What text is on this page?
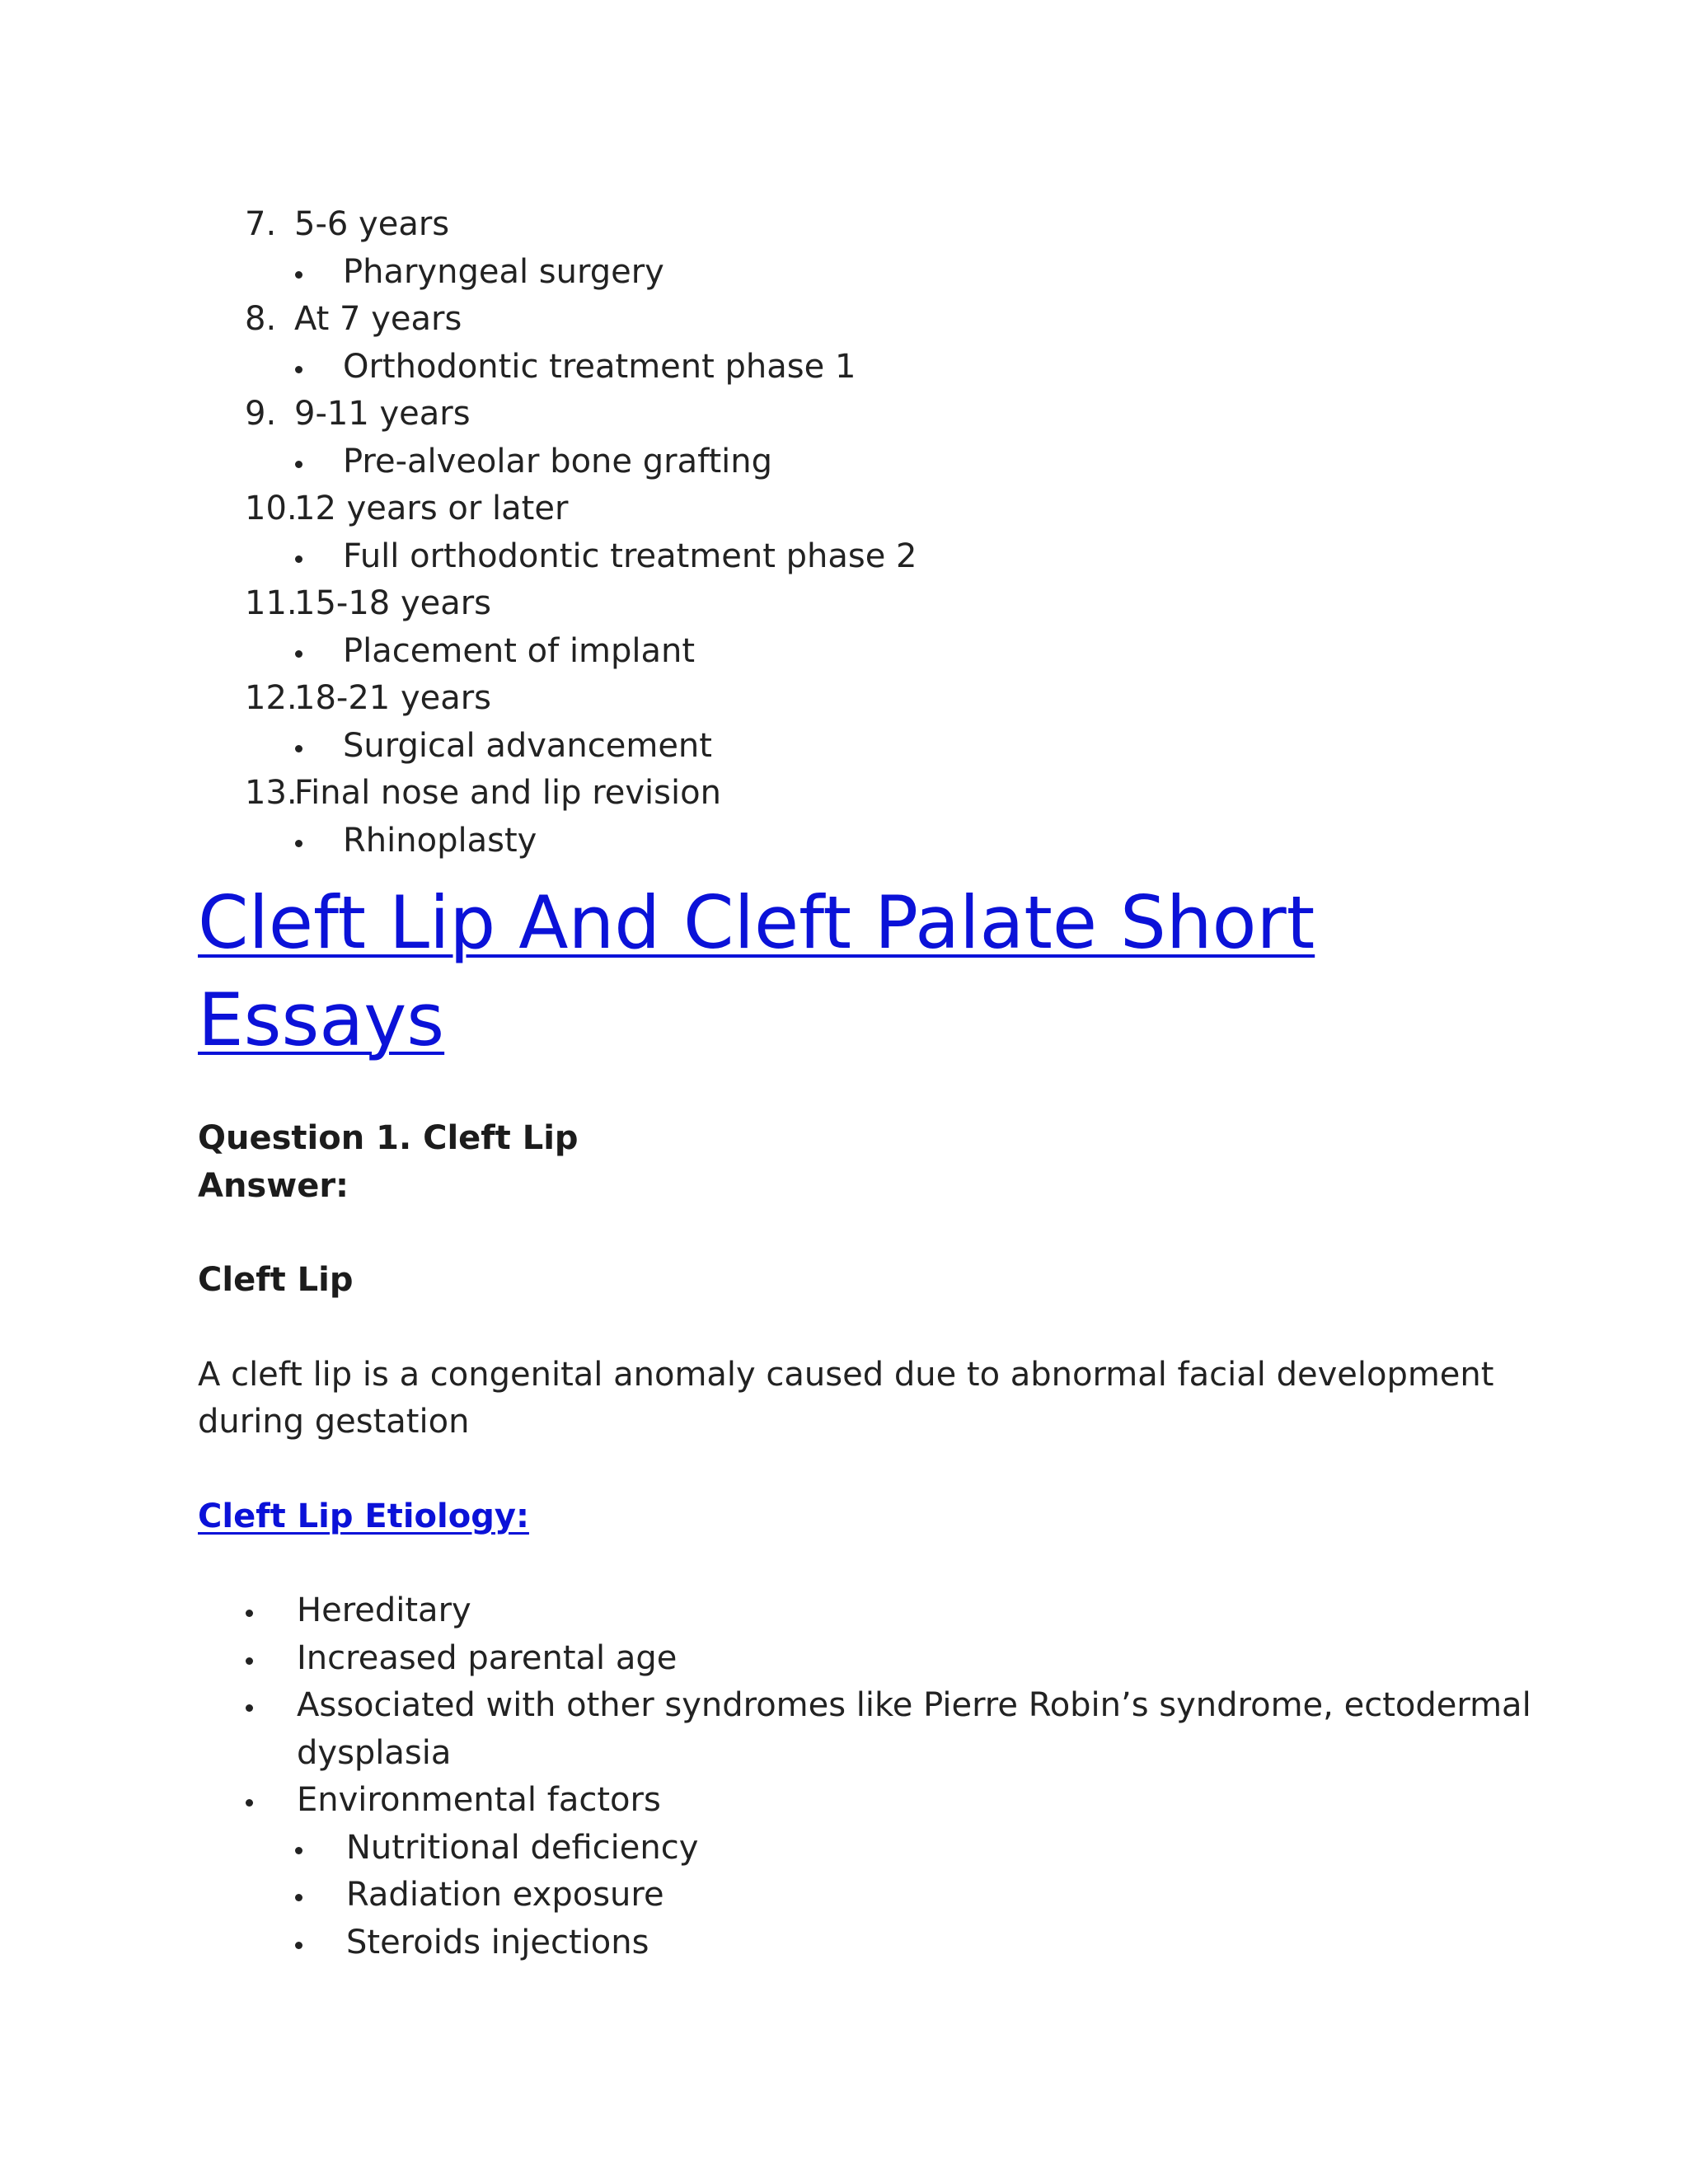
7. 5-6 years
Pharyngeal surgery
8. At 7 years
Orthodontic treatment phase 1
9. 9-11 years
Pre-alveolar bone grafting
10.12 years or later
Full orthodontic treatment phase 2
11.15-18 years
Placement of implant
12.18-21 years
Surgical advancement
13.Final nose and lip revision
Rhinoplasty
Cleft Lip And Cleft Palate Short Essays
Question 1. Cleft Lip
Answer:
Cleft Lip
A cleft lip is a congenital anomaly caused due to abnormal facial development during gestation
Cleft Lip Etiology:
Hereditary
Increased parental age
Associated with other syndromes like Pierre Robin’s syndrome, ectodermal
dysplasia
Environmental factors
Nutritional deficiency
Radiation exposure
Steroids injections
